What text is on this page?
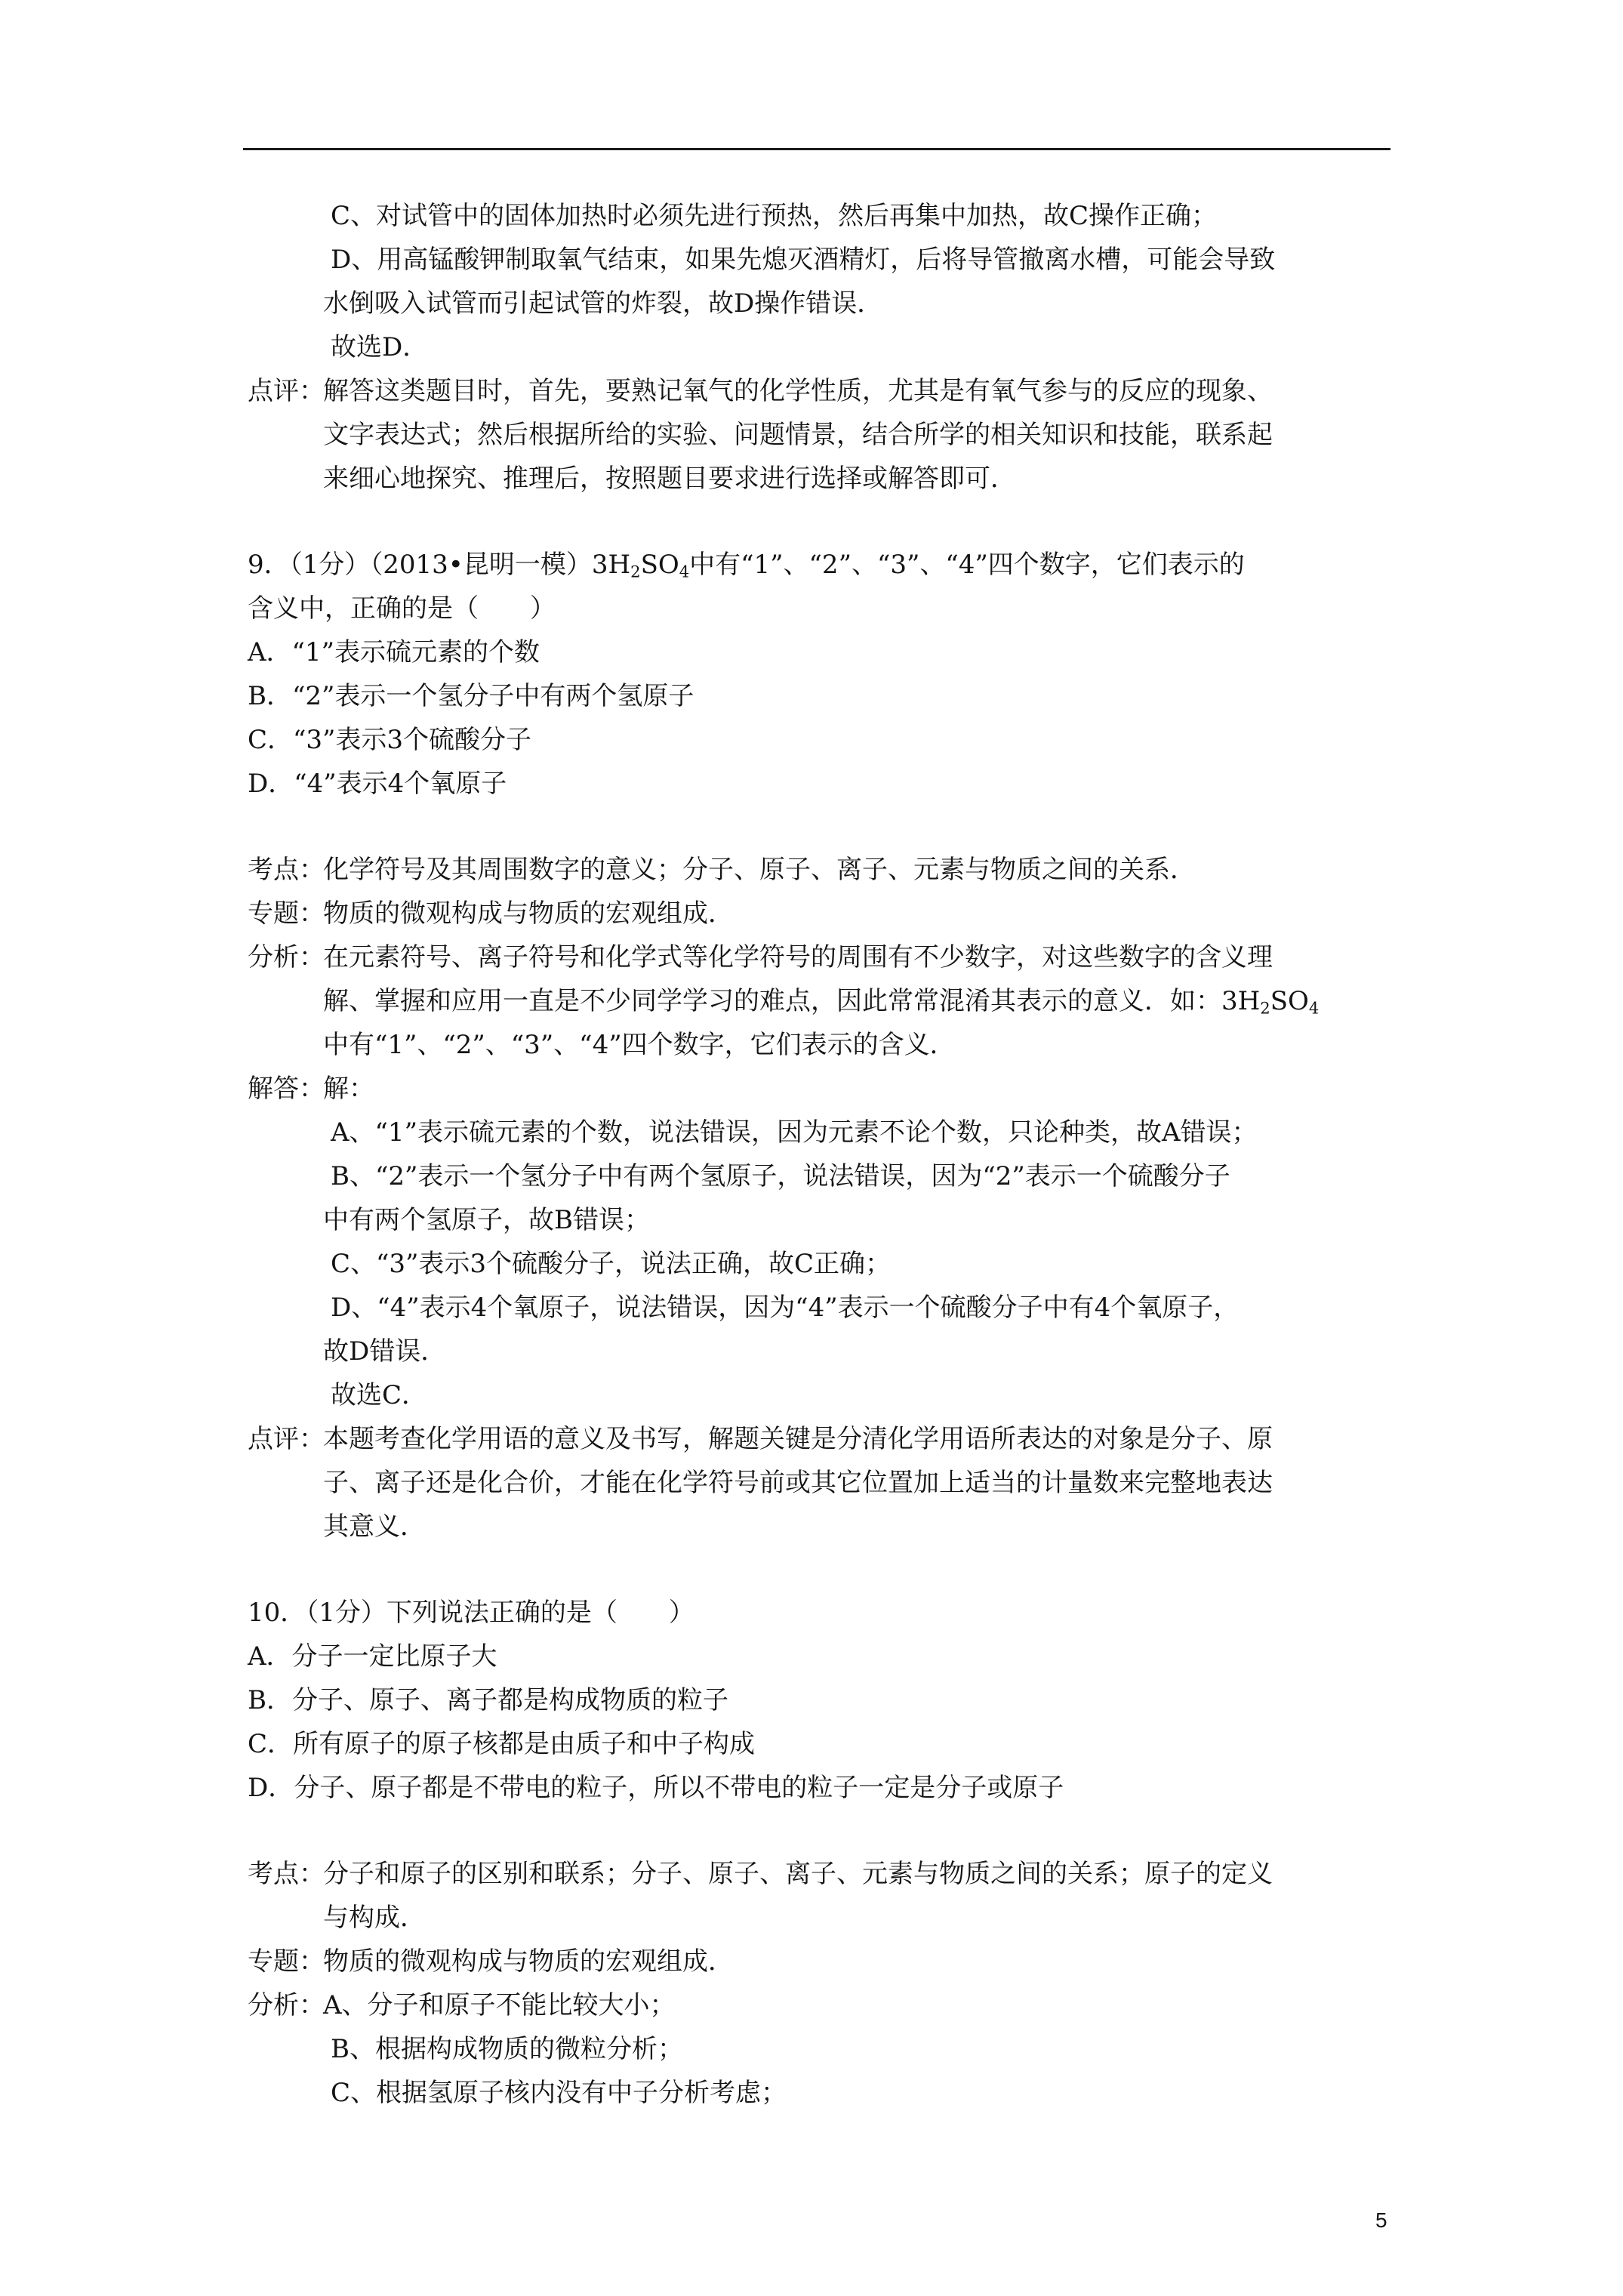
C、对试管中的固体加热时必须先进行预热，然后再集中加热，故C操作正确；
D、用高锰酸钾制取氧气结束，如果先熄灭酒精灯，后将导管撤离水槽，可能会导致
水倒吸入试管而引起试管的炸裂，故D操作错误．
故选D．
点评：
解答这类题目时，首先，要熟记氧气的化学性质，尤其是有氧气参与的反应的现象、
文字表达式；然后根据所给的实验、问题情景，结合所学的相关知识和技能，联系起
来细心地探究、推理后，按照题目要求进行选择或解答即可．
9．（1分）（2013•昆明一模）$3H_2SO_4$中有“1”、“2”、“3”、“4”四个数字，它们表示的
含义中，正确的是（　　）
A．“1”表示硫元素的个数
B．“2”表示一个氢分子中有两个氢原子
C．“3”表示3个硫酸分子
D．“4”表示4个氧原子
考点：
化学符号及其周围数字的意义；分子、原子、离子、元素与物质之间的关系．
专题：
物质的微观构成与物质的宏观组成．
分析：
在元素符号、离子符号和化学式等化学符号的周围有不少数字，对这些数字的含义理
解、掌握和应用一直是不少同学学习的难点，因此常常混淆其表示的意义．如：$3H_2SO_4$
中有“1”、“2”、“3”、“4”四个数字，它们表示的含义．
解答：
解：
A、“1”表示硫元素的个数，说法错误，因为元素不论个数，只论种类，故A错误；
B、“2”表示一个氢分子中有两个氢原子，说法错误，因为“2”表示一个硫酸分子
中有两个氢原子，故B错误；
C、“3”表示3个硫酸分子，说法正确，故C正确；
D、“4”表示4个氧原子，说法错误，因为“4”表示一个硫酸分子中有4个氧原子，
故D错误．
故选C．
点评：
本题考查化学用语的意义及书写，解题关键是分清化学用语所表达的对象是分子、原
子、离子还是化合价，才能在化学符号前或其它位置加上适当的计量数来完整地表达
其意义．
10．（1分）下列说法正确的是（　　）
A．分子一定比原子大
B．分子、原子、离子都是构成物质的粒子
C．所有原子的原子核都是由质子和中子构成
D．分子、原子都是不带电的粒子，所以不带电的粒子一定是分子或原子
考点：
分子和原子的区别和联系；分子、原子、离子、元素与物质之间的关系；原子的定义
与构成．
专题：
物质的微观构成与物质的宏观组成．
分析：
A、分子和原子不能比较大小；
B、根据构成物质的微粒分析；
C、根据氢原子核内没有中子分析考虑；
5
